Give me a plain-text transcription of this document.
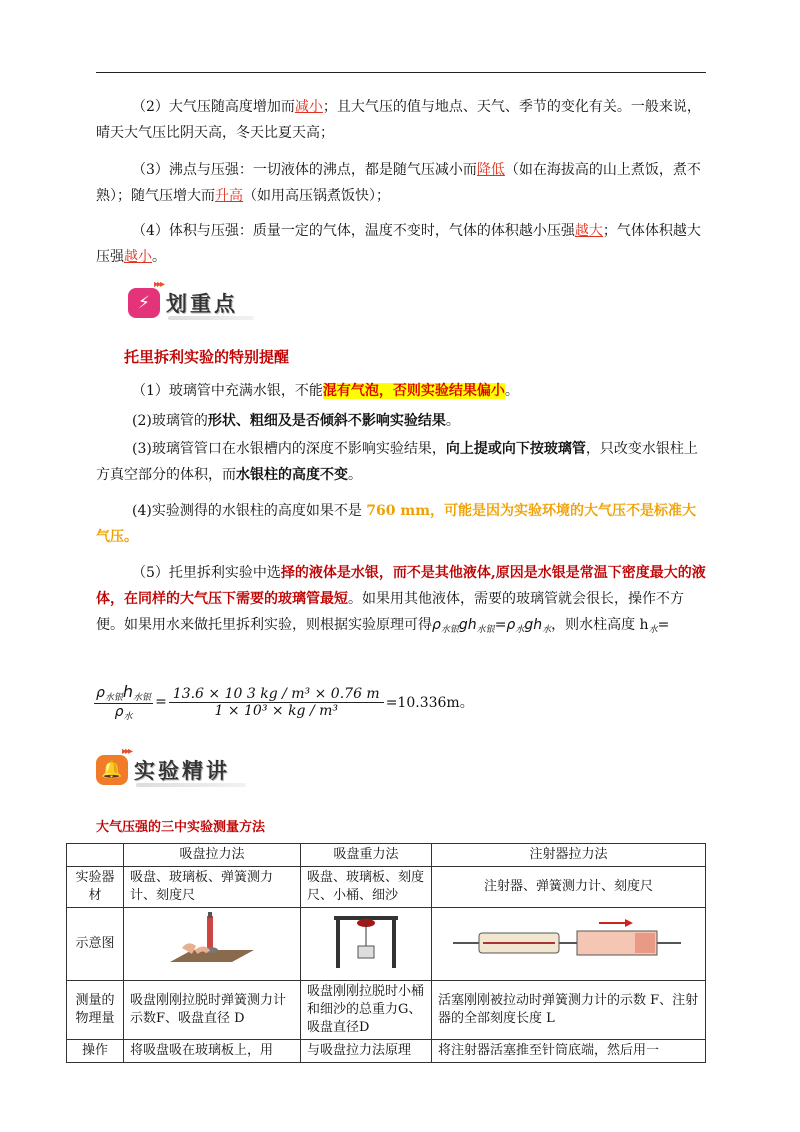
（2）大气压随高度增加而减小；且大气压的值与地点、天气、季节的变化有关。一般来说，晴天大气压比阴天高，冬天比夏天高；
（3）沸点与压强：一切液体的沸点，都是随气压减小而降低（如在海拔高的山上煮饭，煮不熟）；随气压增大而升高（如用高压锅煮饭快）；
（4）体积与压强：质量一定的气体，温度不变时，气体的体积越小压强越大；气体体积越大压强越小。
▸▸▸
⚡ 划重点
托里拆利实验的特别提醒
（1）玻璃管中充满水银，不能混有气泡，否则实验结果偏小。
(2)玻璃管的形状、粗细及是否倾斜不影响实验结果。
(3)玻璃管管口在水银槽内的深度不影响实验结果，向上提或向下按玻璃管，只改变水银柱上方真空部分的体积，而水银柱的高度不变。
(4)实验测得的水银柱的高度如果不是 760 mm，可能是因为实验环境的大气压不是标准大气压。
（5）托里拆利实验中选择的液体是水银，而不是其他液体,原因是水银是常温下密度最大的液体，在同样的大气压下需要的玻璃管最短。如果用其他液体，需要的玻璃管就会很长，操作不方便。如果用水来做托里拆利实验，则根据实验原理可得$\rho_{水银}gh_{水银}=\rho_水gh_水$，则水柱高度 $h_水=$
$\rho_{水银}h_{水银}$
$\rho_水$
= $\frac{\text{13.6 × 10 3 kg / m³ × 0.76 m}}{\text{1 × 10³ × kg / m³}} =10.336m$。
▸▸▸
🔔 实验精讲
大气压强的三中实验测量方法
	吸盘拉力法	吸盘重力法	注射器拉力法
实验器材	吸盘、玻璃板、弹簧测力计、刻度尺	吸盘、玻璃板、刻度尺、小桶、细沙	注射器、弹簧测力计、刻度尺
示意图			
测量的物理量	吸盘刚刚拉脱时弹簧测力计示数F、吸盘直径 D	吸盘刚刚拉脱时小桶和细沙的总重力G、吸盘直径D	活塞刚刚被拉动时弹簧测力计的示数 F、注射器的全部刻度长度 L
操作	将吸盘吸在玻璃板上，用	与吸盘拉力法原理	将注射器活塞推至针筒底端，然后用一
